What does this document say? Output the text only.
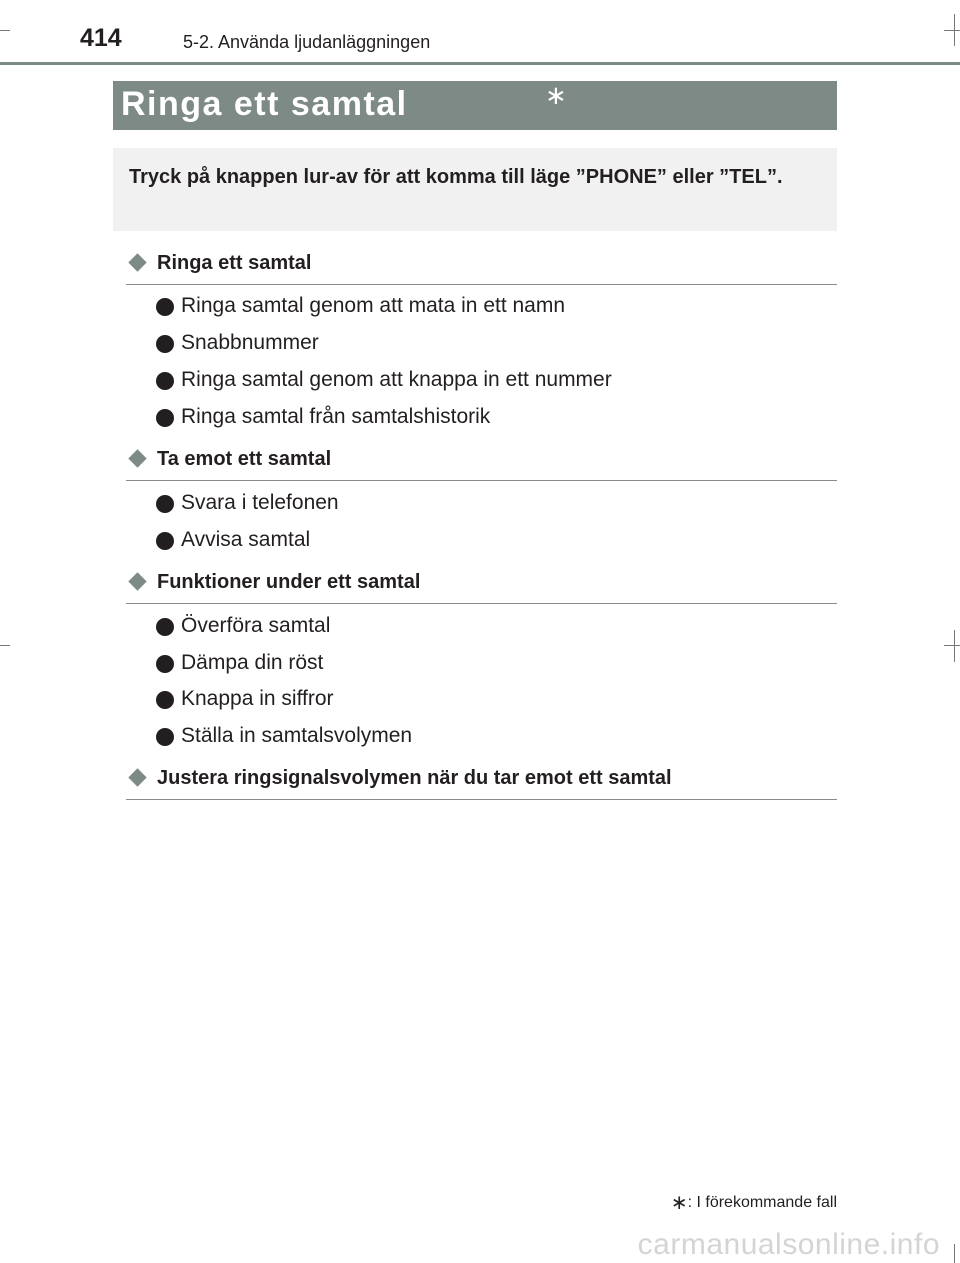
414	5-2. Använda ljudanläggningen
Ringa ett samtal	∗
Tryck på knappen lur-av för att komma till läge ”PHONE” eller ”TEL”.
Ringa ett samtal
Ringa samtal genom att mata in ett namn
Snabbnummer
Ringa samtal genom att knappa in ett nummer
Ringa samtal från samtalshistorik
Ta emot ett samtal
Svara i telefonen
Avvisa samtal
Funktioner under ett samtal
Överföra samtal
Dämpa din röst
Knappa in siffror
Ställa in samtalsvolymen
Justera ringsignalsvolymen när du tar emot ett samtal
∗: I förekommande fall
carmanualsonline.info
